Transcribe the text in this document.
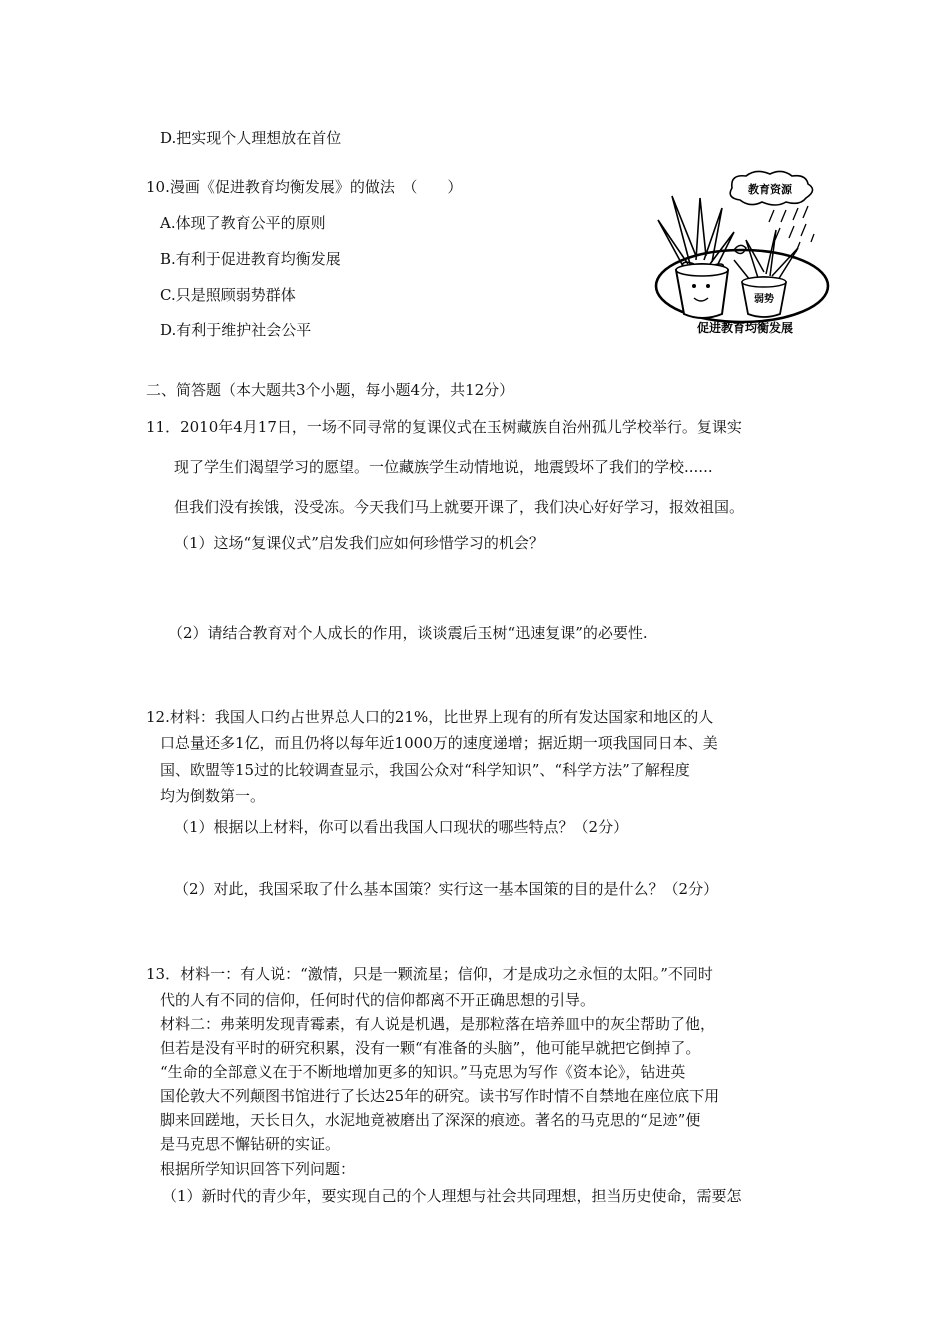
D.把实现个人理想放在首位
10.漫画《促进教育均衡发展》的做法　（　　）
A.体现了教育公平的原则
B.有利于促进教育均衡发展
C.只是照顾弱势群体
D.有利于维护社会公平
教育资源
弱势
促进教育均衡发展
二、简答题（本大题共3个小题，每小题4分，共12分）
11．2010年4月17日，一场不同寻常的复课仪式在玉树藏族自治州孤儿学校举行。复课实
现了学生们渴望学习的愿望。一位藏族学生动情地说，地震毁坏了我们的学校......
但我们没有挨饿，没受冻。今天我们马上就要开课了，我们决心好好学习，报效祖国。
（1）这场“复课仪式”启发我们应如何珍惜学习的机会？
（2）请结合教育对个人成长的作用，谈谈震后玉树“迅速复课”的必要性.
12.材料：我国人口约占世界总人口的21%，比世界上现有的所有发达国家和地区的人
口总量还多1亿，而且仍将以每年近1000万的速度递增；据近期一项我国同日本、美
国、欧盟等15过的比较调查显示，我国公众对“科学知识”、“科学方法”了解程度
均为倒数第一。
（1）根据以上材料，你可以看出我国人口现状的哪些特点？（2分）
（2）对此，我国采取了什么基本国策？实行这一基本国策的目的是什么？（2分）
13．材料一：有人说：“激情，只是一颗流星；信仰，才是成功之永恒的太阳。”不同时
代的人有不同的信仰，任何时代的信仰都离不开正确思想的引导。
材料二：弗莱明发现青霉素，有人说是机遇，是那粒落在培养皿中的灰尘帮助了他，
但若是没有平时的研究积累，没有一颗“有准备的头脑”，他可能早就把它倒掉了。
“生命的全部意义在于不断地增加更多的知识。”马克思为写作《资本论》，钻进英
国伦敦大不列颠图书馆进行了长达25年的研究。读书写作时情不自禁地在座位底下用
脚来回蹉地，天长日久，水泥地竟被磨出了深深的痕迹。著名的马克思的“足迹”便
是马克思不懈钻研的实证。
根据所学知识回答下列问题：
（1）新时代的青少年，要实现自己的个人理想与社会共同理想，担当历史使命，需要怎
